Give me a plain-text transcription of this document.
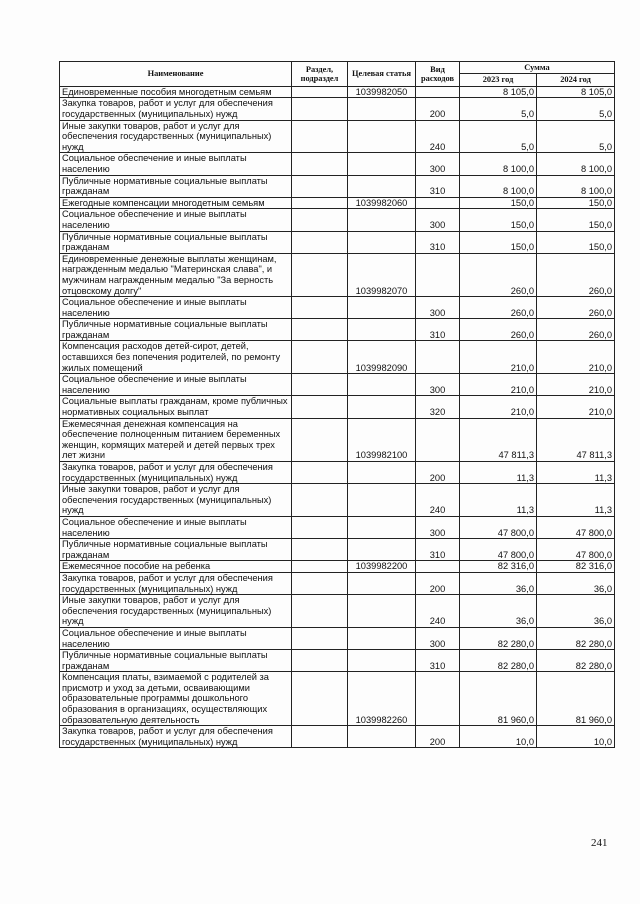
Наименование	Раздел, подраздел	Целевая статья	Вид расходов	Сумма	
				2023 год	2024 год
Единовременные пособия многодетным семьям		1039982050		8 105,0	8 105,0
Закупка товаров, работ и услуг для обеспечения государственных (муниципальных) нужд			200	5,0	5,0
Иные закупки товаров, работ и услуг для обеспечения государственных (муниципальных) нужд			240	5,0	5,0
Социальное обеспечение и иные выплаты населению			300	8 100,0	8 100,0
Публичные нормативные социальные выплаты гражданам			310	8 100,0	8 100,0
Ежегодные компенсации многодетным семьям		1039982060		150,0	150,0
Социальное обеспечение и иные выплаты населению			300	150,0	150,0
Публичные нормативные социальные выплаты гражданам			310	150,0	150,0
Единовременные денежные выплаты женщинам, награжденным медалью "Материнская слава", и мужчинам награжденным медалью "За верность отцовскому долгу"		1039982070		260,0	260,0
Социальное обеспечение и иные выплаты населению			300	260,0	260,0
Публичные нормативные социальные выплаты гражданам			310	260,0	260,0
Компенсация расходов детей-сирот, детей, оставшихся без попечения родителей, по ремонту жилых помещений		1039982090		210,0	210,0
Социальное обеспечение и иные выплаты населению			300	210,0	210,0
Социальные выплаты гражданам, кроме публичных нормативных социальных выплат			320	210,0	210,0
Ежемесячная денежная компенсация на обеспечение полноценным питанием беременных женщин, кормящих матерей и детей первых трех лет жизни		1039982100		47 811,3	47 811,3
Закупка товаров, работ и услуг для обеспечения государственных (муниципальных) нужд			200	11,3	11,3
Иные закупки товаров, работ и услуг для обеспечения государственных (муниципальных) нужд			240	11,3	11,3
Социальное обеспечение и иные выплаты населению			300	47 800,0	47 800,0
Публичные нормативные социальные выплаты гражданам			310	47 800,0	47 800,0
Ежемесячное пособие на ребенка		1039982200		82 316,0	82 316,0
Закупка товаров, работ и услуг для обеспечения государственных (муниципальных) нужд			200	36,0	36,0
Иные закупки товаров, работ и услуг для обеспечения государственных (муниципальных) нужд			240	36,0	36,0
Социальное обеспечение и иные выплаты населению			300	82 280,0	82 280,0
Публичные нормативные социальные выплаты гражданам			310	82 280,0	82 280,0
Компенсация платы, взимаемой с родителей за присмотр и уход за детьми, осваивающими образовательные программы дошкольного образования в организациях, осуществляющих образовательную деятельность		1039982260		81 960,0	81 960,0
Закупка товаров, работ и услуг для обеспечения государственных (муниципальных) нужд			200	10,0	10,0
241
